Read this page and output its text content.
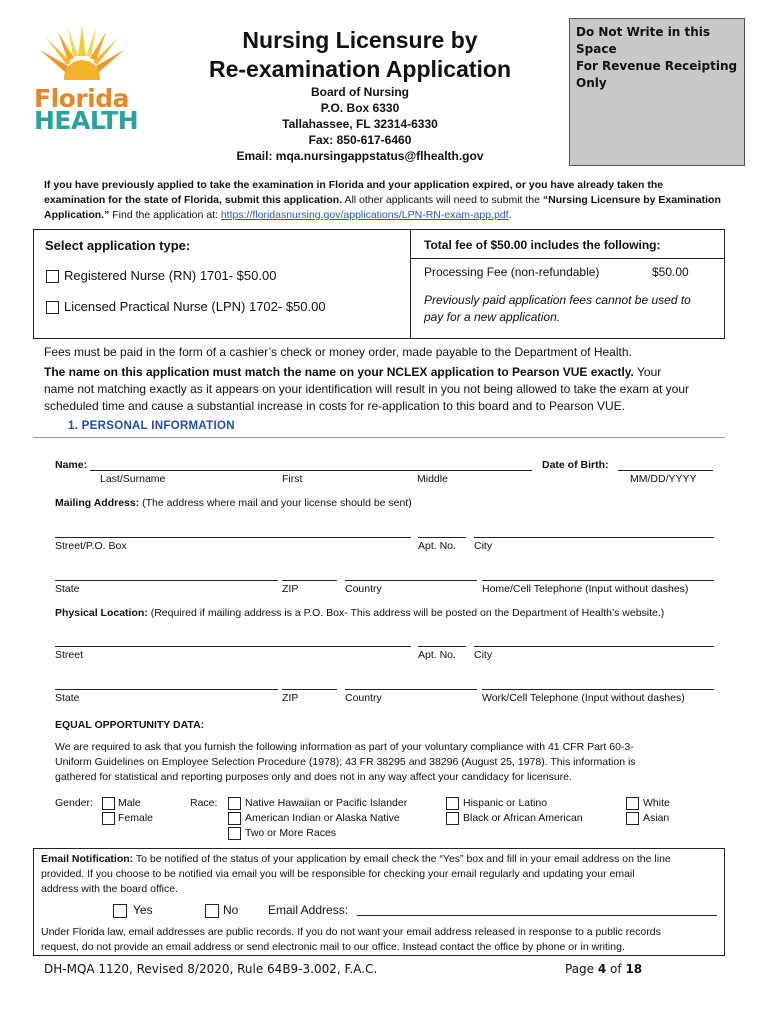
Florida
HEALTH
Nursing Licensure by
Re-examination Application
Board of Nursing
P.O. Box 6330
Tallahassee, FL 32314-6330
Fax: 850-617-6460
Email: mqa.nursingappstatus@flhealth.gov
Do Not Write in this Space
For Revenue Receipting Only
If you have previously applied to take the examination in Florida and your application expired, or you have already taken the examination for the state of Florida, submit this application. All other applicants will need to submit the “Nursing Licensure by Examination Application.” Find the application at: https://floridasnursing.gov/applications/LPN-RN-exam-app.pdf.
Select application type:	Total fee of $50.00 includes the following:
Registered Nurse (RN) 1701- $50.00
Licensed Practical Nurse (LPN) 1702- $50.00
Processing Fee (non-refundable)	$50.00
Previously paid application fees cannot be used to
pay for a new application.
Fees must be paid in the form of a cashier’s check or money order, made payable to the Department of Health.
The name on this application must match the name on your NCLEX application to Pearson VUE exactly. Your
name not matching exactly as it appears on your identification will result in you not being allowed to take the exam at your
scheduled time and cause a substantial increase in costs for re-application to this board and to Pearson VUE.
1. PERSONAL INFORMATION
Name:	Date of Birth:
Last/Surname	First	Middle	MM/DD/YYYY
Mailing Address: (The address where mail and your license should be sent)
Street/P.O. Box	Apt. No. City
State	ZIP	Country	Home/Cell Telephone (Input without dashes)
Physical Location: (Required if mailing address is a P.O. Box- This address will be posted on the Department of Health’s website.)
Street	Apt. No. City
State	ZIP	Country	Work/Cell Telephone (Input without dashes)
EQUAL OPPORTUNITY DATA:
We are required to ask that you furnish the following information as part of your voluntary compliance with 41 CFR Part 60-3-
Uniform Guidelines on Employee Selection Procedure (1978); 43 FR 38295 and 38296 (August 25, 1978). This information is
gathered for statistical and reporting purposes only and does not in any way affect your candidacy for licensure.
Gender: Male
Female
Race:	Native Hawaiian or Pacific Islander
American Indian or Alaska Native
Two or More Races
Hispanic or Latino
Black or African American
White
Asian
Email Notification: To be notified of the status of your application by email check the “Yes” box and fill in your email address on the line
provided. If you choose to be notified via email you will be responsible for checking your email regularly and updating your email
address with the board office.
Yes	No Email Address:
Under Florida law, email addresses are public records. If you do not want your email address released in response to a public records
request, do not provide an email address or send electronic mail to our office. Instead contact the office by phone or in writing.
DH-MQA 1120, Revised 8/2020, Rule 64B9-3.002, F.A.C.	Page 4 of 18
